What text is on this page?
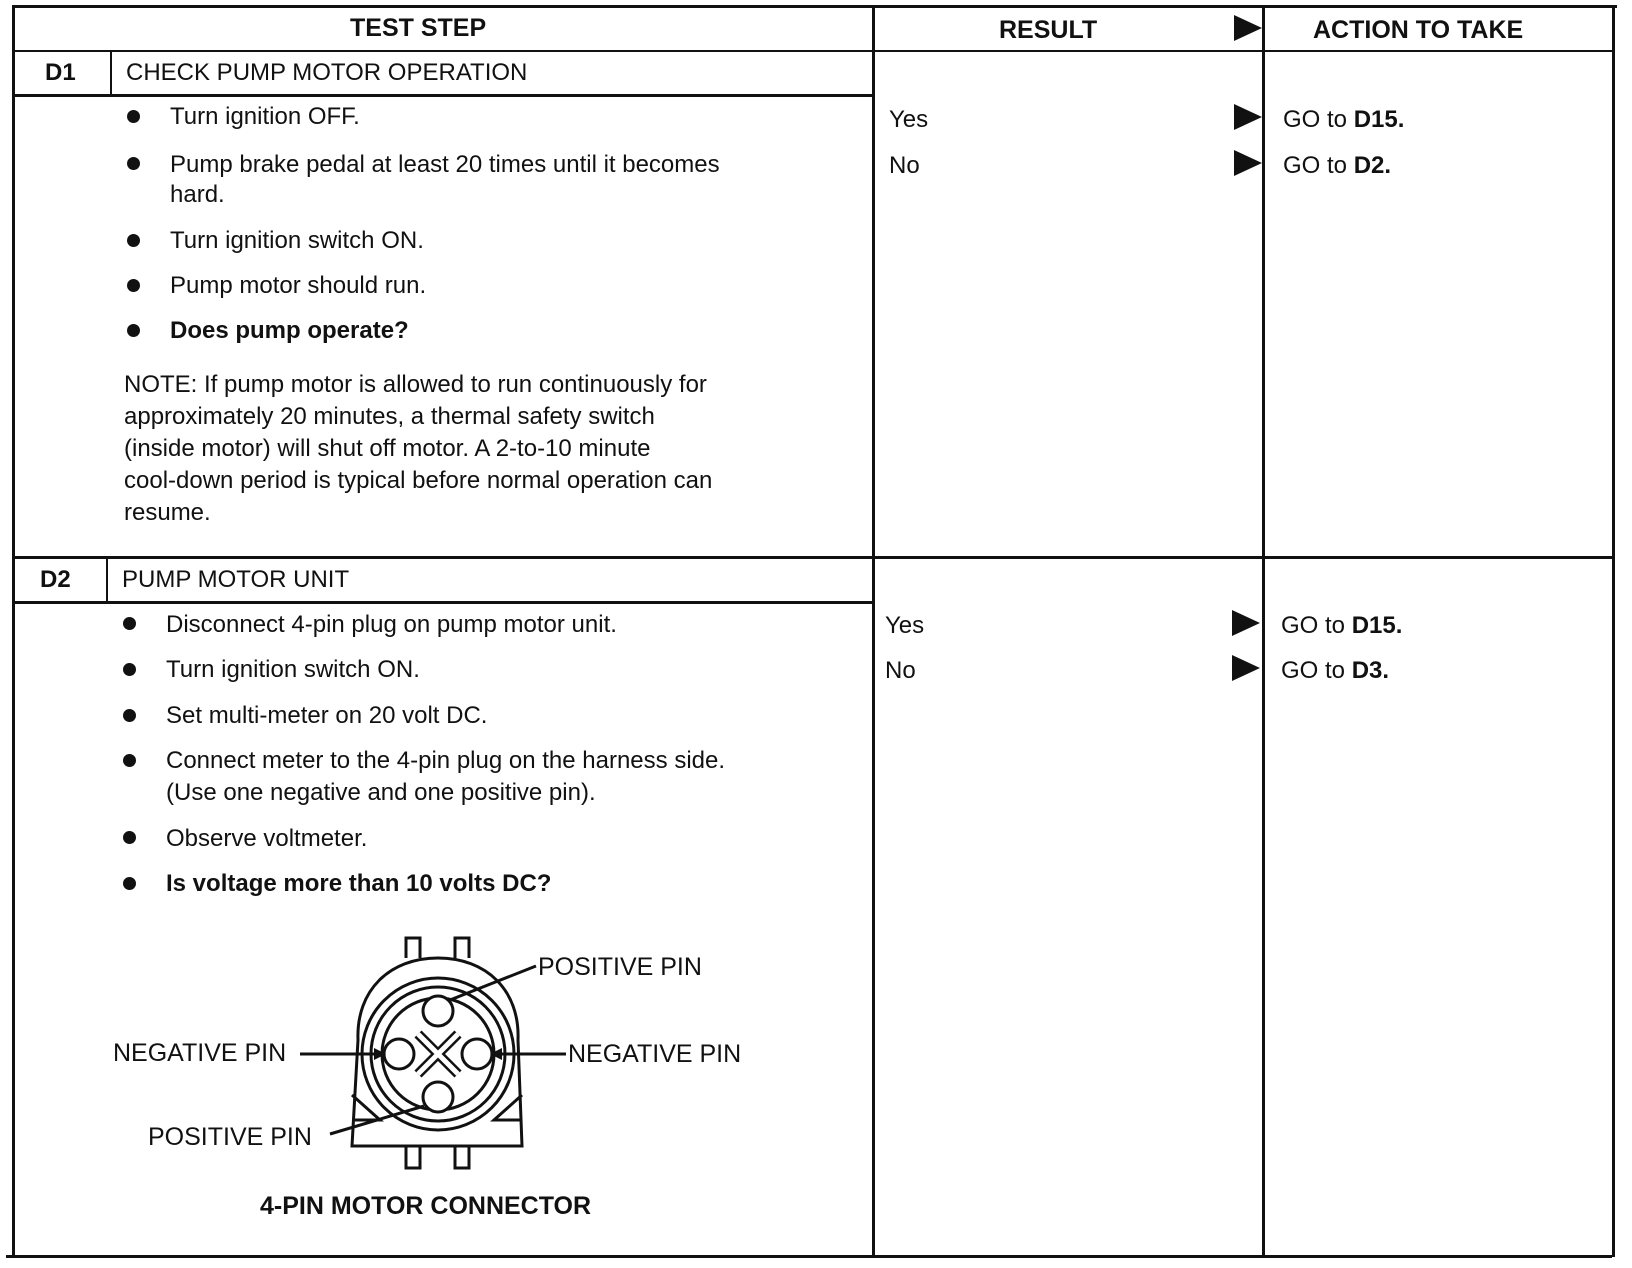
TEST STEP	RESULT	ACTION TO TAKE
D1 CHECK PUMP MOTOR OPERATION
Turn ignition OFF.
Pump brake pedal at least 20 times until it becomes
hard.
Turn ignition switch ON.
Pump motor should run.
Does pump operate?
NOTE: If pump motor is allowed to run continuously for
approximately 20 minutes, a thermal safety switch
(inside motor) will shut off motor. A 2-to-10 minute
cool-down period is typical before normal operation can
resume.
Yes	GO to D15.
No	GO to D2.
D2 PUMP MOTOR UNIT
Disconnect 4-pin plug on pump motor unit.
Turn ignition switch ON.
Set multi-meter on 20 volt DC.
Connect meter to the 4-pin plug on the harness side.
(Use one negative and one positive pin).
Observe voltmeter.
Is voltage more than 10 volts DC?
Yes	GO to D15.
No	GO to D3.
POSITIVE PIN
NEGATIVE PIN	NEGATIVE PIN
POSITIVE PIN
4-PIN MOTOR CONNECTOR
